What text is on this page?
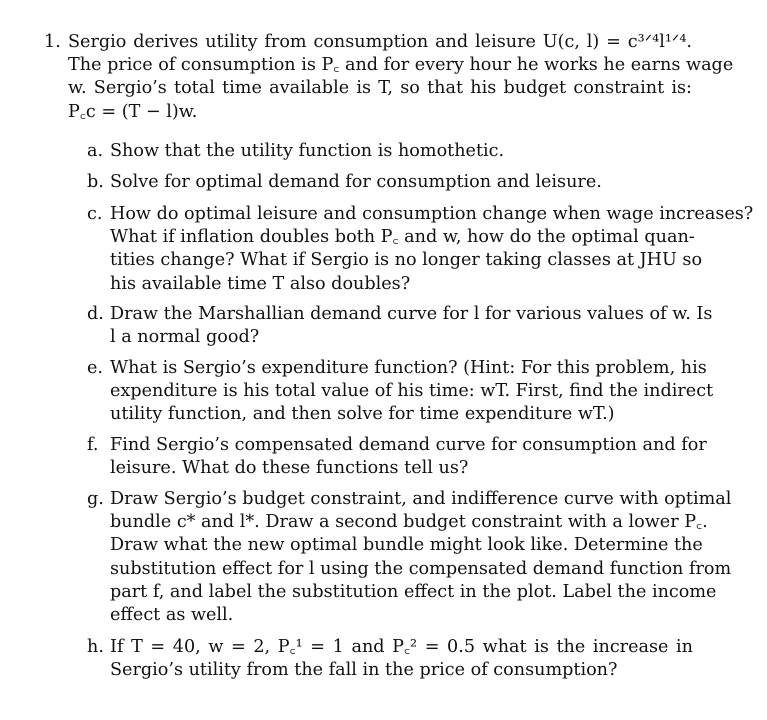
1. Sergio derives utility from consumption and leisure U(c, l) = c³ᐟ⁴l¹ᐟ⁴.
The price of consumption is P꜀ and for every hour he works he earns wage
w. Sergio’s total time available is T, so that his budget constraint is:
P꜀c = (T − l)w.
a. Show that the utility function is homothetic.
b. Solve for optimal demand for consumption and leisure.
c. How do optimal leisure and consumption change when wage increases?
What if inflation doubles both P꜀ and w, how do the optimal quan-
tities change? What if Sergio is no longer taking classes at JHU so
his available time T also doubles?
d. Draw the Marshallian demand curve for l for various values of w. Is
l a normal good?
e. What is Sergio’s expenditure function? (Hint: For this problem, his
expenditure is his total value of his time: wT. First, find the indirect
utility function, and then solve for time expenditure wT.)
f. Find Sergio’s compensated demand curve for consumption and for
leisure. What do these functions tell us?
g. Draw Sergio’s budget constraint, and indifference curve with optimal
bundle c* and l*. Draw a second budget constraint with a lower P꜀.
Draw what the new optimal bundle might look like. Determine the
substitution effect for l using the compensated demand function from
part f, and label the substitution effect in the plot. Label the income
effect as well.
h. If T = 40, w = 2, P꜀¹ = 1 and P꜀² = 0.5 what is the increase in
Sergio’s utility from the fall in the price of consumption?
